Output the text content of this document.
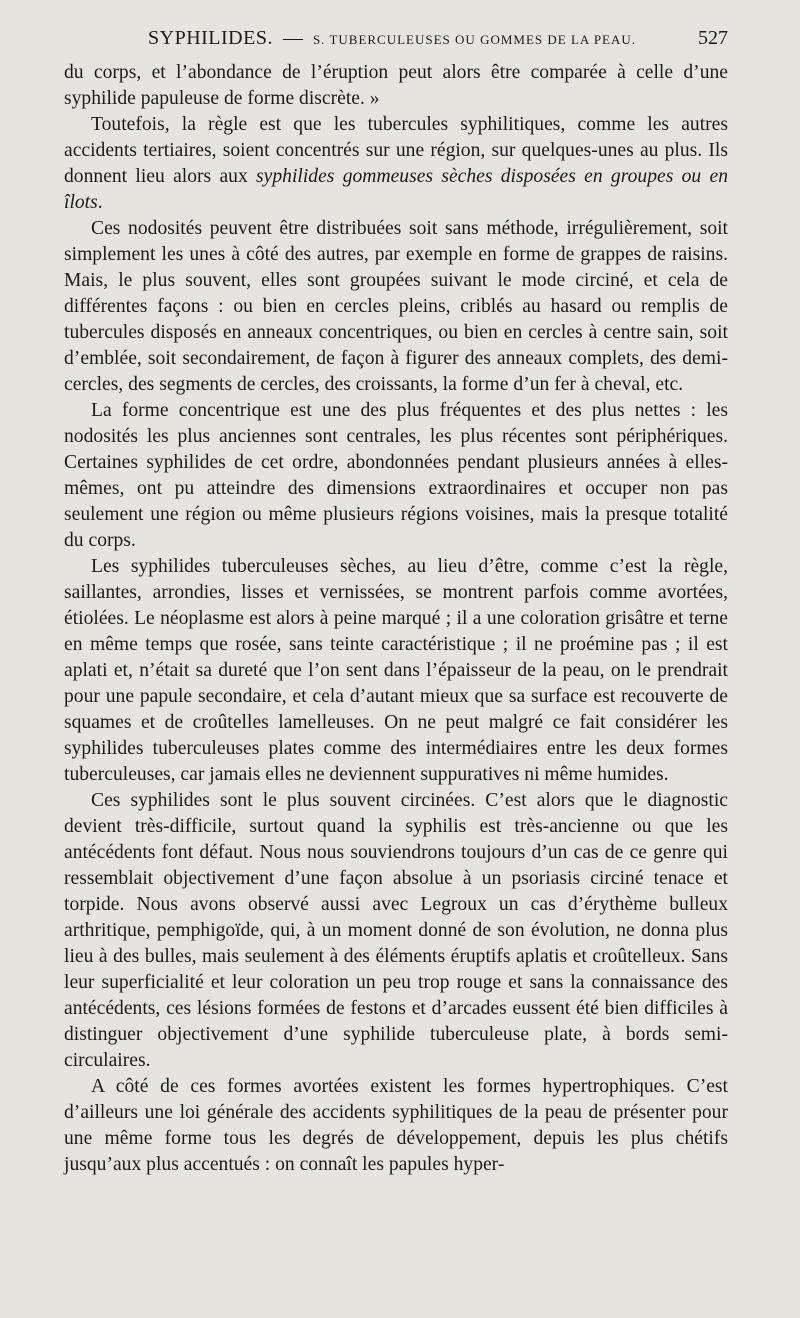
SYPHILIDES. — S. TUBERCULEUSES OU GOMMES DE LA PEAU.	527

du corps, et l’abondance de l’éruption peut alors être comparée à celle d’une syphilide papuleuse de forme discrète. »

Toutefois, la règle est que les tubercules syphilitiques, comme les autres accidents tertiaires, soient concentrés sur une région, sur quelques-unes au plus. Ils donnent lieu alors aux syphilides gommeuses sèches disposées en groupes ou en îlots.

Ces nodosités peuvent être distribuées soit sans méthode, irrégulièrement, soit simplement les unes à côté des autres, par exemple en forme de grappes de raisins. Mais, le plus souvent, elles sont groupées suivant le mode circiné, et cela de différentes façons : ou bien en cercles pleins, criblés au hasard ou remplis de tubercules disposés en anneaux concentriques, ou bien en cercles à centre sain, soit d’emblée, soit secondairement, de façon à figurer des anneaux complets, des demi-cercles, des segments de cercles, des croissants, la forme d’un fer à cheval, etc.

La forme concentrique est une des plus fréquentes et des plus nettes : les nodosités les plus anciennes sont centrales, les plus récentes sont périphériques. Certaines syphilides de cet ordre, abondonnées pendant plusieurs années à elles-mêmes, ont pu atteindre des dimensions extraordinaires et occuper non pas seulement une région ou même plusieurs régions voisines, mais la presque totalité du corps.

Les syphilides tuberculeuses sèches, au lieu d’être, comme c’est la règle, saillantes, arrondies, lisses et vernissées, se montrent parfois comme avortées, étiolées. Le néoplasme est alors à peine marqué ; il a une coloration grisâtre et terne en même temps que rosée, sans teinte caractéristique ; il ne proémine pas ; il est aplati et, n’était sa dureté que l’on sent dans l’épaisseur de la peau, on le prendrait pour une papule secondaire, et cela d’autant mieux que sa surface est recouverte de squames et de croûtelles lamelleuses. On ne peut malgré ce fait considérer les syphilides tuberculeuses plates comme des intermédiaires entre les deux formes tuberculeuses, car jamais elles ne deviennent suppuratives ni même humides.

Ces syphilides sont le plus souvent circinées. C’est alors que le diagnostic devient très-difficile, surtout quand la syphilis est très-ancienne ou que les antécédents font défaut. Nous nous souviendrons toujours d’un cas de ce genre qui ressemblait objectivement d’une façon absolue à un psoriasis circiné tenace et torpide. Nous avons observé aussi avec Legroux un cas d’érythème bulleux arthritique, pemphigoïde, qui, à un moment donné de son évolution, ne donna plus lieu à des bulles, mais seulement à des éléments éruptifs aplatis et croûtelleux. Sans leur superficialité et leur coloration un peu trop rouge et sans la connaissance des antécédents, ces lésions formées de festons et d’arcades eussent été bien difficiles à distinguer objectivement d’une syphilide tuberculeuse plate, à bords semi-circulaires.

A côté de ces formes avortées existent les formes hypertrophiques. C’est d’ailleurs une loi générale des accidents syphilitiques de la peau de présenter pour une même forme tous les degrés de développement, depuis les plus chétifs jusqu’aux plus accentués : on connaît les papules hyper-
